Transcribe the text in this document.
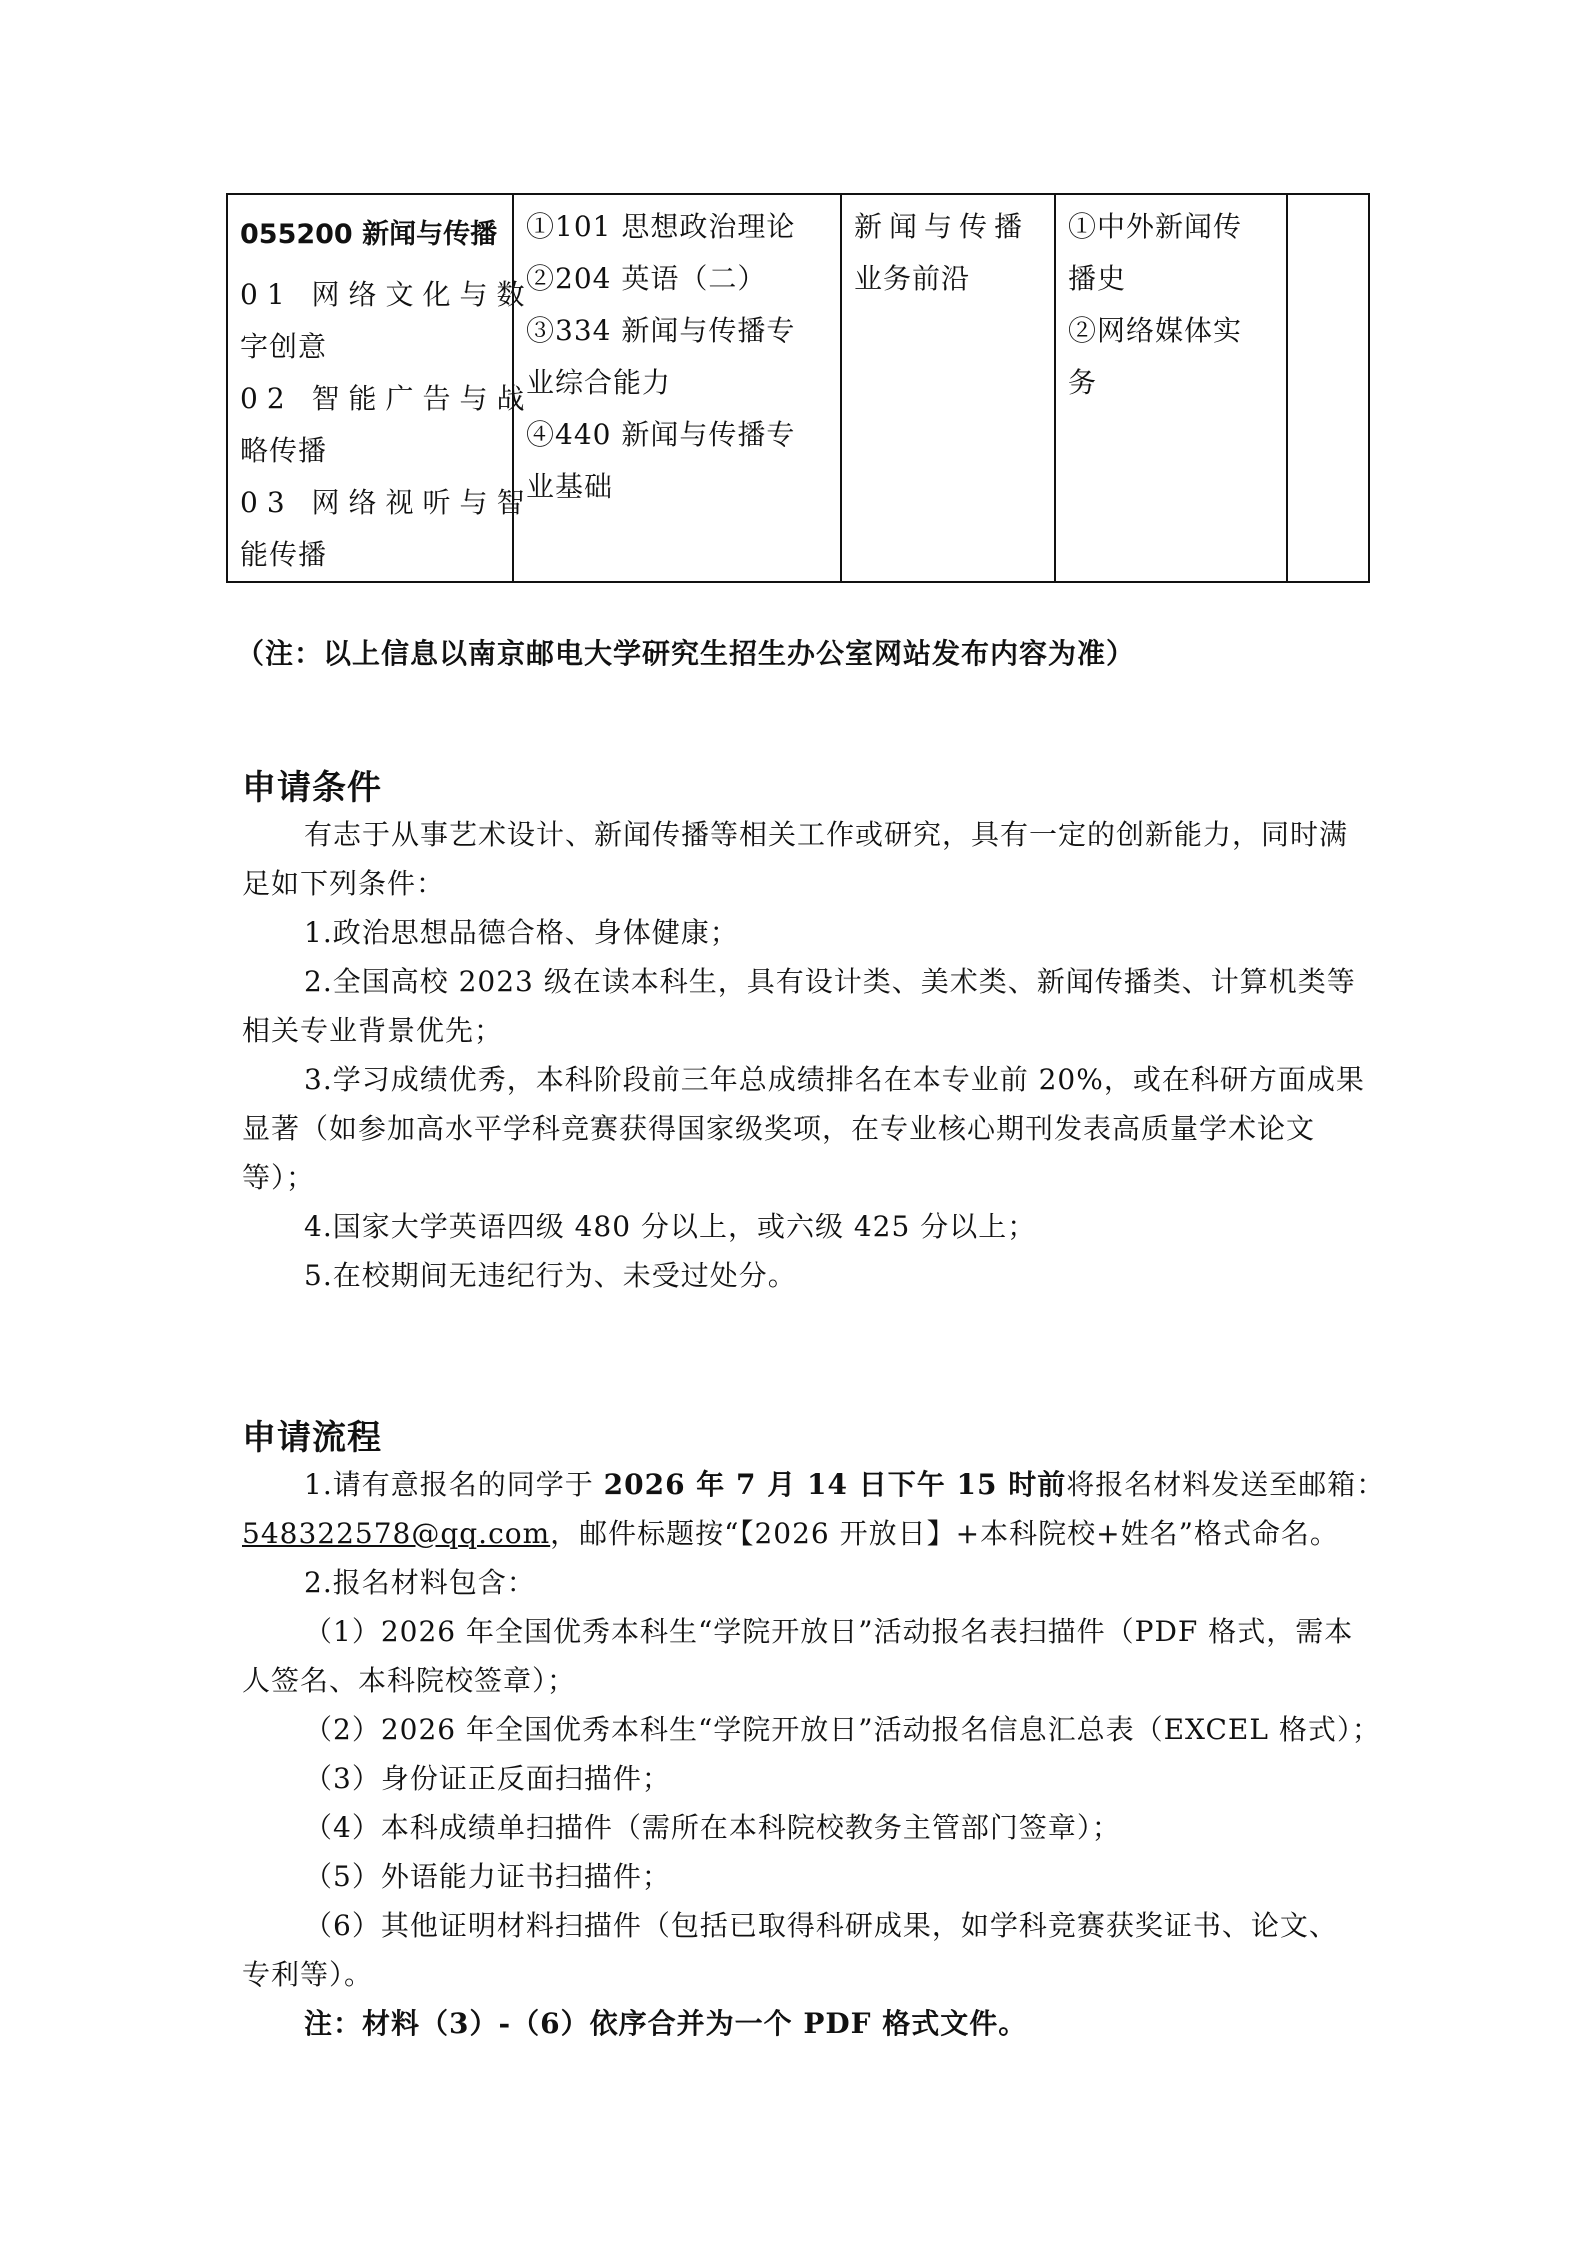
055200 新闻与传播
01 网络文化与数
字创意
02 智能广告与战
略传播
03 网络视听与智
能传播

①101 思想政治理论
②204 英语（二）
③334 新闻与传播专
业综合能力
④440 新闻与传播专
业基础

新闻与传播
业务前沿

①中外新闻传
播史
②网络媒体实
务

（注：以上信息以南京邮电大学研究生招生办公室网站发布内容为准）
申请条件
有志于从事艺术设计、新闻传播等相关工作或研究，具有一定的创新能力，同时满
足如下列条件：
1.政治思想品德合格、身体健康；
2.全国高校 2023 级在读本科生，具有设计类、美术类、新闻传播类、计算机类等
相关专业背景优先；
3.学习成绩优秀，本科阶段前三年总成绩排名在本专业前 20%，或在科研方面成果
显著（如参加高水平学科竞赛获得国家级奖项，在专业核心期刊发表高质量学术论文
等）；
4.国家大学英语四级 480 分以上，或六级 425 分以上；
5.在校期间无违纪行为、未受过处分。
申请流程
1.请有意报名的同学于 2026 年 7 月 14 日下午 15 时前将报名材料发送至邮箱：
548322578@qq.com，邮件标题按“【2026 开放日】+本科院校+姓名”格式命名。
2.报名材料包含：
（1）2026 年全国优秀本科生“学院开放日”活动报名表扫描件（PDF 格式，需本
人签名、本科院校签章）；
（2）2026 年全国优秀本科生“学院开放日”活动报名信息汇总表（EXCEL 格式）；
（3）身份证正反面扫描件；
（4）本科成绩单扫描件（需所在本科院校教务主管部门签章）；
（5）外语能力证书扫描件；
（6）其他证明材料扫描件（包括已取得科研成果，如学科竞赛获奖证书、论文、
专利等）。
注：材料（3）-（6）依序合并为一个 PDF 格式文件。
